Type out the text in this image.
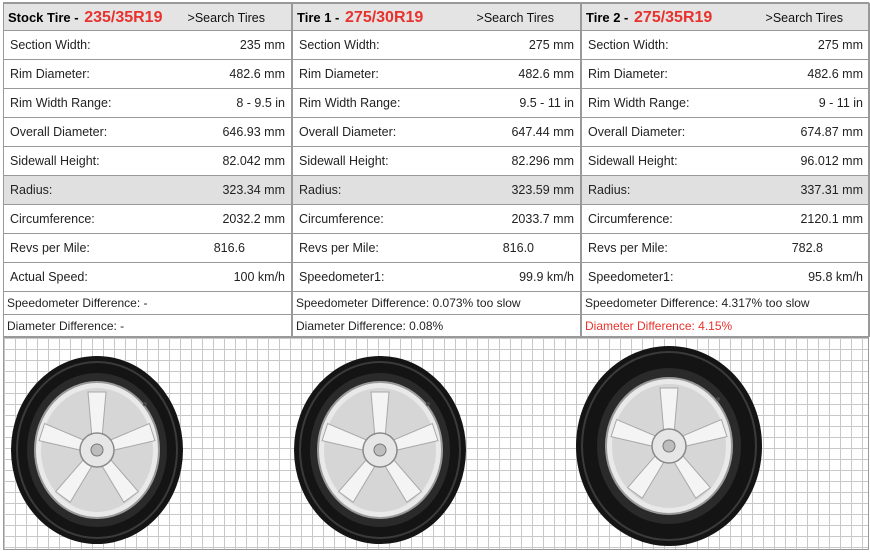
Stock Tire - 235/35R19 >Search Tires
Section Width:	235 mm
Rim Diameter:	482.6 mm
Rim Width Range:	8 - 9.5 in
Overall Diameter:	646.93 mm
Sidewall Height:	82.042 mm
Radius:	323.34 mm
Circumference:	2032.2 mm
Revs per Mile:	816.6
Actual Speed:	100 km/h
Speedometer Difference: -
Diameter Difference: -
Tire 1 - 275/30R19	>Search Tires
Section Width:	275 mm
Rim Diameter:	482.6 mm
Rim Width Range:	9.5 - 11 in
Overall Diameter:	647.44 mm
Sidewall Height:	82.296 mm
Radius:	323.59 mm
Circumference:	2033.7 mm
Revs per Mile:	816.0
Speedometer1:	99.9 km/h
Speedometer Difference: 0.073% too slow
Diameter Difference: 0.08%
Tire 2 - 275/35R19	>Search Tires
Section Width:	275 mm
Rim Diameter:	482.6 mm
Rim Width Range:	9 - 11 in
Overall Diameter:	674.87 mm
Sidewall Height:	96.012 mm
Radius:	337.31 mm
Circumference:	2120.1 mm
Revs per Mile:	782.8
Speedometer1:	95.8 km/h
Speedometer Difference: 4.317% too slow
Diameter Difference: 4.15%
